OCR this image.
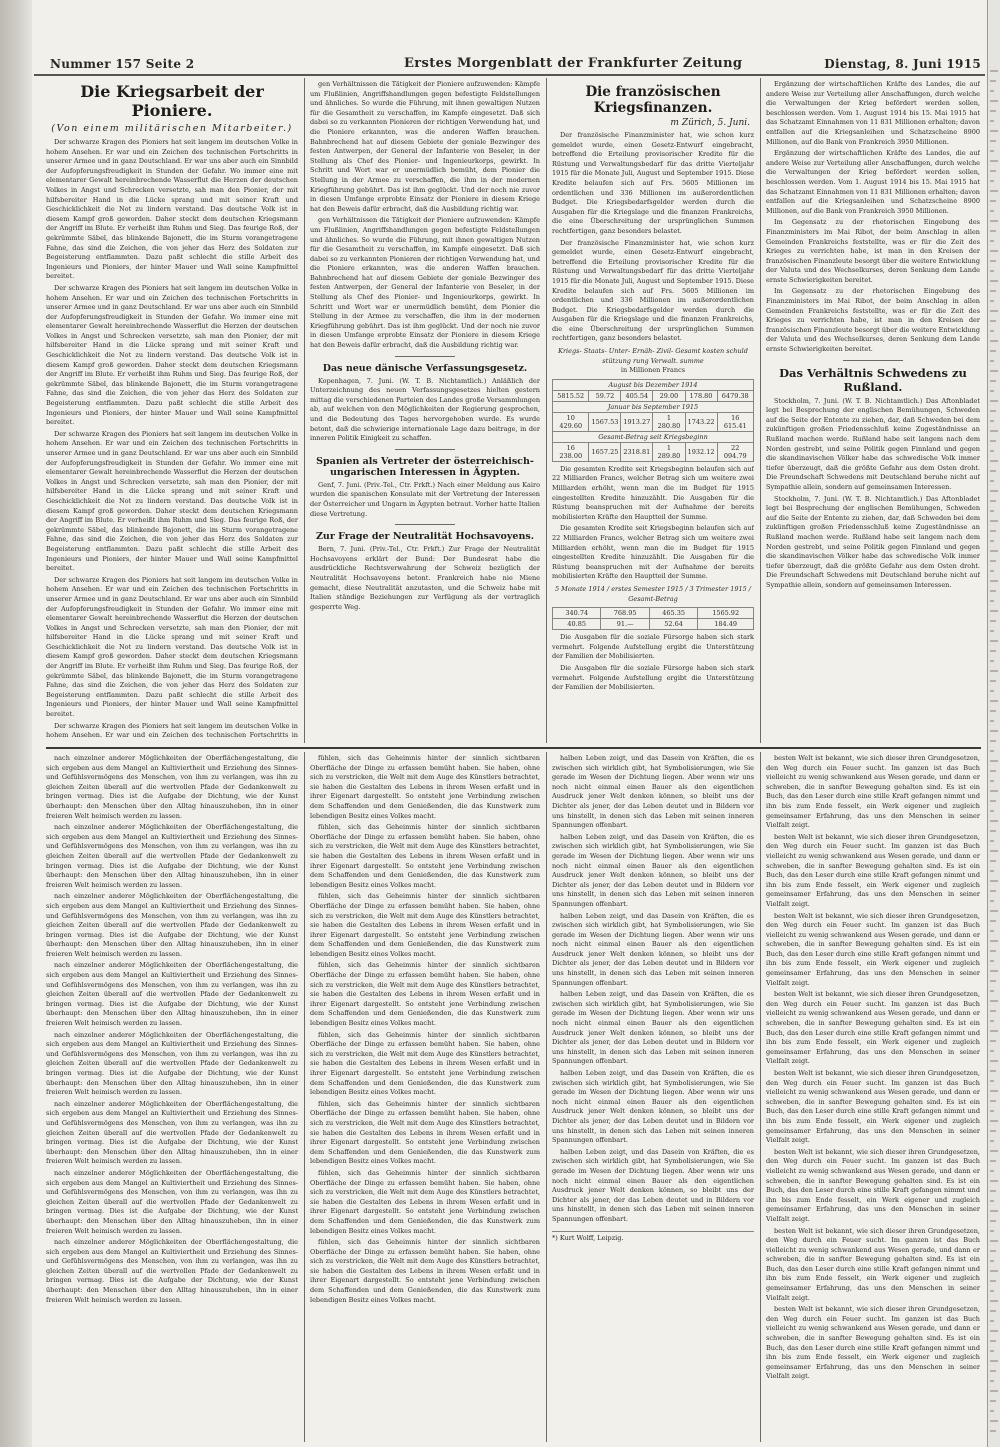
Nummer 157 Seite 2	Erstes Morgenblatt der Frankfurter Zeitung	Dienstag, 8. Juni 1915
Die Kriegsarbeit der Pioniere.
(Von einem militärischen Mitarbeiter.)

Der schwarze Kragen des Pioniers hat seit langem im deutschen Volke in hohem Ansehen. Er war und ein Zeichen des technischen Fortschritts in unserer Armee und in ganz Deutschland. Er war uns aber auch ein Sinnbild der Aufopferungsfreudigkeit in Stunden der Gefahr. Wo immer eine mit elementarer Gewalt hereinbrechende Wasserflut die Herzen der deutschen Volkes in Angst und Schrecken versetzte, sah man den Pionier, der mit hilfsbereiter Hand in die Lücke sprang und mit seiner Kraft und Geschicklichkeit die Not zu lindern verstand. Das deutsche Volk ist in diesem Kampf groß geworden. Daher steckt dem deutschen Kriegsmann der Angriff im Blute. Er verheißt ihm Ruhm und Sieg. Das feurige Roß, der gekrümmte Säbel, das blinkende Bajonett, die im Sturm vorangetragene Fahne, das sind die Zeichen, die von jeher das Herz des Soldaten zur Begeisterung entflammten. Dazu paßt schlecht die stille Arbeit des Ingenieurs und Pioniers, der hinter Mauer und Wall seine Kampfmittel bereitet.

Der schwarze Kragen des Pioniers hat seit langem im deutschen Volke in hohem Ansehen. Er war und ein Zeichen des technischen Fortschritts in unserer Armee und in ganz Deutschland. Er war uns aber auch ein Sinnbild der Aufopferungsfreudigkeit in Stunden der Gefahr. Wo immer eine mit elementarer Gewalt hereinbrechende Wasserflut die Herzen der deutschen Volkes in Angst und Schrecken versetzte, sah man den Pionier, der mit hilfsbereiter Hand in die Lücke sprang und mit seiner Kraft und Geschicklichkeit die Not zu lindern verstand. Das deutsche Volk ist in diesem Kampf groß geworden. Daher steckt dem deutschen Kriegsmann der Angriff im Blute. Er verheißt ihm Ruhm und Sieg. Das feurige Roß, der gekrümmte Säbel, das blinkende Bajonett, die im Sturm vorangetragene Fahne, das sind die Zeichen, die von jeher das Herz des Soldaten zur Begeisterung entflammten. Dazu paßt schlecht die stille Arbeit des Ingenieurs und Pioniers, der hinter Mauer und Wall seine Kampfmittel bereitet.

Der schwarze Kragen des Pioniers hat seit langem im deutschen Volke in hohem Ansehen. Er war und ein Zeichen des technischen Fortschritts in unserer Armee und in ganz Deutschland. Er war uns aber auch ein Sinnbild der Aufopferungsfreudigkeit in Stunden der Gefahr. Wo immer eine mit elementarer Gewalt hereinbrechende Wasserflut die Herzen der deutschen Volkes in Angst und Schrecken versetzte, sah man den Pionier, der mit hilfsbereiter Hand in die Lücke sprang und mit seiner Kraft und Geschicklichkeit die Not zu lindern verstand. Das deutsche Volk ist in diesem Kampf groß geworden. Daher steckt dem deutschen Kriegsmann der Angriff im Blute. Er verheißt ihm Ruhm und Sieg. Das feurige Roß, der gekrümmte Säbel, das blinkende Bajonett, die im Sturm vorangetragene Fahne, das sind die Zeichen, die von jeher das Herz des Soldaten zur Begeisterung entflammten. Dazu paßt schlecht die stille Arbeit des Ingenieurs und Pioniers, der hinter Mauer und Wall seine Kampfmittel bereitet.

Der schwarze Kragen des Pioniers hat seit langem im deutschen Volke in hohem Ansehen. Er war und ein Zeichen des technischen Fortschritts in unserer Armee und in ganz Deutschland. Er war uns aber auch ein Sinnbild der Aufopferungsfreudigkeit in Stunden der Gefahr. Wo immer eine mit elementarer Gewalt hereinbrechende Wasserflut die Herzen der deutschen Volkes in Angst und Schrecken versetzte, sah man den Pionier, der mit hilfsbereiter Hand in die Lücke sprang und mit seiner Kraft und Geschicklichkeit die Not zu lindern verstand. Das deutsche Volk ist in diesem Kampf groß geworden. Daher steckt dem deutschen Kriegsmann der Angriff im Blute. Er verheißt ihm Ruhm und Sieg. Das feurige Roß, der gekrümmte Säbel, das blinkende Bajonett, die im Sturm vorangetragene Fahne, das sind die Zeichen, die von jeher das Herz des Soldaten zur Begeisterung entflammten. Dazu paßt schlecht die stille Arbeit des Ingenieurs und Pioniers, der hinter Mauer und Wall seine Kampfmittel bereitet.

Der schwarze Kragen des Pioniers hat seit langem im deutschen Volke in hohem Ansehen. Er war und ein Zeichen des technischen Fortschritts in

gen Verhältnissen die Tätigkeit der Pioniere aufzuwenden: Kämpfe um Flußlinien, Angriffshandlungen gegen befestigte Feldstellungen und ähnliches. So wurde die Führung, mit ihnen gewaltigen Nutzen für die Gesamtheit zu verschaffen, im Kampfe eingesetzt. Daß sich dabei so zu verkannten Pionieren der richtigen Verwendung hat, und die Pioniere erkannten, was die anderen Waffen brauchen. Bahnbrechend hat auf diesem Gebiete der geniale Bezwinger des festen Antwerpen, der General der Infanterie von Beseler, in der Stellung als Chef des Pionier- und Ingenieurkorps, gewirkt. In Schritt und Wort war er unermüdlich bemüht, dem Pionier die Stellung in der Armee zu verschaffen, die ihm in der modernen Kriegführung gebührt. Das ist ihm geglückt. Und der noch nie zuvor in diesen Umfange erprobte Einsatz der Pioniere in diesem Kriege hat den Beweis dafür erbracht, daß die Ausbildung richtig war.

gen Verhältnissen die Tätigkeit der Pioniere aufzuwenden: Kämpfe um Flußlinien, Angriffshandlungen gegen befestigte Feldstellungen und ähnliches. So wurde die Führung, mit ihnen gewaltigen Nutzen für die Gesamtheit zu verschaffen, im Kampfe eingesetzt. Daß sich dabei so zu verkannten Pionieren der richtigen Verwendung hat, und die Pioniere erkannten, was die anderen Waffen brauchen. Bahnbrechend hat auf diesem Gebiete der geniale Bezwinger des festen Antwerpen, der General der Infanterie von Beseler, in der Stellung als Chef des Pionier- und Ingenieurkorps, gewirkt. In Schritt und Wort war er unermüdlich bemüht, dem Pionier die Stellung in der Armee zu verschaffen, die ihm in der modernen Kriegführung gebührt. Das ist ihm geglückt. Und der noch nie zuvor in diesen Umfange erprobte Einsatz der Pioniere in diesem Kriege hat den Beweis dafür erbracht, daß die Ausbildung richtig war.

Das neue dänische Verfassungsgesetz.

Kopenhagen, 7. Juni. (W. T. B. Nichtamtlich.) Anläßlich der Unterzeichnung des neuen Verfassungsgesetzes hielten gestern mittag die verschiedenen Parteien des Landes große Versammlungen ab, auf welchen von den Möglichkeiten der Regierung gesprochen, und die Bedeutung des Tages hervorgehoben wurde. Es wurde betont, daß die schwierige internationale Lage dazu beitrage, in der inneren Politik Einigkeit zu schaffen.

Spanien als Vertreter der österreichisch-ungarischen Interessen in Ägypten.

Genf, 7. Juni. (Priv.-Tel., Ctr. Frkft.) Nach einer Meldung aus Kairo wurden die spanischen Konsulate mit der Vertretung der Interessen der Österreicher und Ungarn in Ägypten betraut. Vorher hatte Italien diese Vertretung.

Zur Frage der Neutralität Hochsavoyens.

Bern, 7. Juni. (Priv.-Tel., Ctr. Frkft.) Zur Frage der Neutralität Hochsavoyens erklärt der Bund: Der Bundesrat habe die ausdrückliche Rechtsverwahrung der Schweiz bezüglich der Neutralität Hochsavoyens betont. Frankreich habe nie Miene gemacht, diese Neutralität anzutasten, und die Schweiz habe mit Italien ständige Beziehungen zur Verfügung als der vertraglich gesperrte Weg.

Die französischen Kriegsfinanzen.
m Zürich, 5. Juni.

Der französische Finanzminister hat, wie schon kurz gemeldet wurde, einen Gesetz-Entwurf eingebracht, betreffend die Erteilung provisorischer Kredite für die Rüstung und Verwaltungsbedarf für das dritte Vierteljahr 1915 für die Monate Juli, August und September 1915. Diese Kredite belaufen sich auf Frs. 5605 Millionen im ordentlichen und 336 Millionen im außerordentlichen Budget. Die Kriegsbedarfsgelder werden durch die Ausgaben für die Kriegslage und die finanzen Frankreichs, die eine Überschreitung der ursprünglichen Summen rechtfertigen, ganz besonders belastet.

Der französische Finanzminister hat, wie schon kurz gemeldet wurde, einen Gesetz-Entwurf eingebracht, betreffend die Erteilung provisorischer Kredite für die Rüstung und Verwaltungsbedarf für das dritte Vierteljahr 1915 für die Monate Juli, August und September 1915. Diese Kredite belaufen sich auf Frs. 5605 Millionen im ordentlichen und 336 Millionen im außerordentlichen Budget. Die Kriegsbedarfsgelder werden durch die Ausgaben für die Kriegslage und die finanzen Frankreichs, die eine Überschreitung der ursprünglichen Summen rechtfertigen, ganz besonders belastet.

Kriegs- Staats- Unter- Ernäh- Zivil- Gesamt kosten schuld stützung rung Verwalt. summe
in Millionen Francs
August bis Dezember 1914					
5815.52	59.72	405.54	29.00	178.80	6479.38
Januar bis September 1915					
10 429.60	1567.53	1913.27	1 280.80	1743.22	16 615.41
Gesamt-Betrag seit Kriegsbeginn					
16 238.00	1657.25	2318.81	1 289.80	1932.12	22 094.79

Die gesamten Kredite seit Kriegsbeginn belaufen sich auf 22 Milliarden Francs, welcher Betrag sich um weitere zwei Milliarden erhöht, wenn man die im Budget für 1915 eingestellten Kredite hinzuzählt. Die Ausgaben für die Rüstung beanspruchen mit der Aufnahme der bereits mobilisierten Kräfte den Hauptteil der Summe.

Die gesamten Kredite seit Kriegsbeginn belaufen sich auf 22 Milliarden Francs, welcher Betrag sich um weitere zwei Milliarden erhöht, wenn man die im Budget für 1915 eingestellten Kredite hinzuzählt. Die Ausgaben für die Rüstung beanspruchen mit der Aufnahme der bereits mobilisierten Kräfte den Hauptteil der Summe.

5 Monate 1914 / erstes Semester 1915 / 3 Trimester 1915 / Gesamt-Betrag
340.74	768.95	465.35	1565.92
40.85	91.—	52.64	184.49

Die Ausgaben für die soziale Fürsorge haben sich stark vermehrt. Folgende Aufstellung ergibt die Unterstützung der Familien der Mobilisierten.

Die Ausgaben für die soziale Fürsorge haben sich stark vermehrt. Folgende Aufstellung ergibt die Unterstützung der Familien der Mobilisierten.

Ergänzung der wirtschaftlichen Kräfte des Landes, die auf andere Weise zur Verteilung aller Anschaffungen, durch welche die Verwaltungen der Krieg befördert werden sollen, beschlossen werden. Vom 1. August 1914 bis 15. Mai 1915 hat das Schatzamt Einnahmen von 11 831 Millionen erhalten; davon entfallen auf die Kriegsanleihen und Schatzscheine 8900 Millionen, auf die Bank von Frankreich 3950 Millionen.

Ergänzung der wirtschaftlichen Kräfte des Landes, die auf andere Weise zur Verteilung aller Anschaffungen, durch welche die Verwaltungen der Krieg befördert werden sollen, beschlossen werden. Vom 1. August 1914 bis 15. Mai 1915 hat das Schatzamt Einnahmen von 11 831 Millionen erhalten; davon entfallen auf die Kriegsanleihen und Schatzscheine 8900 Millionen, auf die Bank von Frankreich 3950 Millionen.

Im Gegensatz zu der rhetorischen Eingebung des Finanzministers im Mai Ribot, der beim Anschlag in allen Gemeinden Frankreichs feststellte, was er für die Zeit des Krieges zu verrichten habe, ist man in den Kreisen der französischen Finanzleute besorgt über die weitere Entwicklung der Valuta und des Wechselkurses, deren Senkung dem Lande ernste Schwierigkeiten bereitet.

Im Gegensatz zu der rhetorischen Eingebung des Finanzministers im Mai Ribot, der beim Anschlag in allen Gemeinden Frankreichs feststellte, was er für die Zeit des Krieges zu verrichten habe, ist man in den Kreisen der französischen Finanzleute besorgt über die weitere Entwicklung der Valuta und des Wechselkurses, deren Senkung dem Lande ernste Schwierigkeiten bereitet.

Das Verhältnis Schwedens zu Rußland.

Stockholm, 7. Juni. (W. T. B. Nichtamtlich.) Das Aftonbladet legt bei Besprechung der englischen Bemühungen, Schweden auf die Seite der Entente zu ziehen, dar, daß Schweden bei dem zukünftigen großen Friedensschluß keine Zugeständnisse an Rußland machen werde. Rußland habe seit langem nach dem Norden gestrebt, und seine Politik gegen Finnland und gegen die skandinavischen Völker habe das schwedische Volk immer tiefer überzeugt, daß die größte Gefahr aus dem Osten droht. Die Freundschaft Schwedens mit Deutschland beruhe nicht auf Sympathie allein, sondern auf gemeinsamen Interessen.

Stockholm, 7. Juni. (W. T. B. Nichtamtlich.) Das Aftonbladet legt bei Besprechung der englischen Bemühungen, Schweden auf die Seite der Entente zu ziehen, dar, daß Schweden bei dem zukünftigen großen Friedensschluß keine Zugeständnisse an Rußland machen werde. Rußland habe seit langem nach dem Norden gestrebt, und seine Politik gegen Finnland und gegen die skandinavischen Völker habe das schwedische Volk immer tiefer überzeugt, daß die größte Gefahr aus dem Osten droht. Die Freundschaft Schwedens mit Deutschland beruhe nicht auf Sympathie allein, sondern auf gemeinsamen Interessen.

nach einzelner anderer Möglichkeiten der Oberflächengestaltung, die sich ergeben aus dem Mangel an Kultiviertheit und Erziehung des Sinnes- und Gefühlsvermögens des Menschen, von ihm zu verlangen, was ihn zu gleichen Zeiten überall auf die wertvollen Pfade der Gedankenwelt zu bringen vermag. Dies ist die Aufgabe der Dichtung, wie der Kunst überhaupt: den Menschen über den Alltag hinauszuheben, ihn in einer freieren Welt heimisch werden zu lassen.

nach einzelner anderer Möglichkeiten der Oberflächengestaltung, die sich ergeben aus dem Mangel an Kultiviertheit und Erziehung des Sinnes- und Gefühlsvermögens des Menschen, von ihm zu verlangen, was ihn zu gleichen Zeiten überall auf die wertvollen Pfade der Gedankenwelt zu bringen vermag. Dies ist die Aufgabe der Dichtung, wie der Kunst überhaupt: den Menschen über den Alltag hinauszuheben, ihn in einer freieren Welt heimisch werden zu lassen.

nach einzelner anderer Möglichkeiten der Oberflächengestaltung, die sich ergeben aus dem Mangel an Kultiviertheit und Erziehung des Sinnes- und Gefühlsvermögens des Menschen, von ihm zu verlangen, was ihn zu gleichen Zeiten überall auf die wertvollen Pfade der Gedankenwelt zu bringen vermag. Dies ist die Aufgabe der Dichtung, wie der Kunst überhaupt: den Menschen über den Alltag hinauszuheben, ihn in einer freieren Welt heimisch werden zu lassen.

nach einzelner anderer Möglichkeiten der Oberflächengestaltung, die sich ergeben aus dem Mangel an Kultiviertheit und Erziehung des Sinnes- und Gefühlsvermögens des Menschen, von ihm zu verlangen, was ihn zu gleichen Zeiten überall auf die wertvollen Pfade der Gedankenwelt zu bringen vermag. Dies ist die Aufgabe der Dichtung, wie der Kunst überhaupt: den Menschen über den Alltag hinauszuheben, ihn in einer freieren Welt heimisch werden zu lassen.

nach einzelner anderer Möglichkeiten der Oberflächengestaltung, die sich ergeben aus dem Mangel an Kultiviertheit und Erziehung des Sinnes- und Gefühlsvermögens des Menschen, von ihm zu verlangen, was ihn zu gleichen Zeiten überall auf die wertvollen Pfade der Gedankenwelt zu bringen vermag. Dies ist die Aufgabe der Dichtung, wie der Kunst überhaupt: den Menschen über den Alltag hinauszuheben, ihn in einer freieren Welt heimisch werden zu lassen.

nach einzelner anderer Möglichkeiten der Oberflächengestaltung, die sich ergeben aus dem Mangel an Kultiviertheit und Erziehung des Sinnes- und Gefühlsvermögens des Menschen, von ihm zu verlangen, was ihn zu gleichen Zeiten überall auf die wertvollen Pfade der Gedankenwelt zu bringen vermag. Dies ist die Aufgabe der Dichtung, wie der Kunst überhaupt: den Menschen über den Alltag hinauszuheben, ihn in einer freieren Welt heimisch werden zu lassen.

nach einzelner anderer Möglichkeiten der Oberflächengestaltung, die sich ergeben aus dem Mangel an Kultiviertheit und Erziehung des Sinnes- und Gefühlsvermögens des Menschen, von ihm zu verlangen, was ihn zu gleichen Zeiten überall auf die wertvollen Pfade der Gedankenwelt zu bringen vermag. Dies ist die Aufgabe der Dichtung, wie der Kunst überhaupt: den Menschen über den Alltag hinauszuheben, ihn in einer freieren Welt heimisch werden zu lassen.

nach einzelner anderer Möglichkeiten der Oberflächengestaltung, die sich ergeben aus dem Mangel an Kultiviertheit und Erziehung des Sinnes- und Gefühlsvermögens des Menschen, von ihm zu verlangen, was ihn zu gleichen Zeiten überall auf die wertvollen Pfade der Gedankenwelt zu bringen vermag. Dies ist die Aufgabe der Dichtung, wie der Kunst überhaupt: den Menschen über den Alltag hinauszuheben, ihn in einer freieren Welt heimisch werden zu lassen.

fühlen, sich das Geheimnis hinter der sinnlich sichtbaren Oberfläche der Dinge zu erfassen bemüht haben. Sie haben, ohne sich zu verstricken, die Welt mit dem Auge des Künstlers betrachtet, sie haben die Gestalten des Lebens in ihrem Wesen erfaßt und in ihrer Eigenart dargestellt. So entsteht jene Verbindung zwischen dem Schaffenden und dem Genießenden, die das Kunstwerk zum lebendigen Besitz eines Volkes macht.

fühlen, sich das Geheimnis hinter der sinnlich sichtbaren Oberfläche der Dinge zu erfassen bemüht haben. Sie haben, ohne sich zu verstricken, die Welt mit dem Auge des Künstlers betrachtet, sie haben die Gestalten des Lebens in ihrem Wesen erfaßt und in ihrer Eigenart dargestellt. So entsteht jene Verbindung zwischen dem Schaffenden und dem Genießenden, die das Kunstwerk zum lebendigen Besitz eines Volkes macht.

fühlen, sich das Geheimnis hinter der sinnlich sichtbaren Oberfläche der Dinge zu erfassen bemüht haben. Sie haben, ohne sich zu verstricken, die Welt mit dem Auge des Künstlers betrachtet, sie haben die Gestalten des Lebens in ihrem Wesen erfaßt und in ihrer Eigenart dargestellt. So entsteht jene Verbindung zwischen dem Schaffenden und dem Genießenden, die das Kunstwerk zum lebendigen Besitz eines Volkes macht.

fühlen, sich das Geheimnis hinter der sinnlich sichtbaren Oberfläche der Dinge zu erfassen bemüht haben. Sie haben, ohne sich zu verstricken, die Welt mit dem Auge des Künstlers betrachtet, sie haben die Gestalten des Lebens in ihrem Wesen erfaßt und in ihrer Eigenart dargestellt. So entsteht jene Verbindung zwischen dem Schaffenden und dem Genießenden, die das Kunstwerk zum lebendigen Besitz eines Volkes macht.

fühlen, sich das Geheimnis hinter der sinnlich sichtbaren Oberfläche der Dinge zu erfassen bemüht haben. Sie haben, ohne sich zu verstricken, die Welt mit dem Auge des Künstlers betrachtet, sie haben die Gestalten des Lebens in ihrem Wesen erfaßt und in ihrer Eigenart dargestellt. So entsteht jene Verbindung zwischen dem Schaffenden und dem Genießenden, die das Kunstwerk zum lebendigen Besitz eines Volkes macht.

fühlen, sich das Geheimnis hinter der sinnlich sichtbaren Oberfläche der Dinge zu erfassen bemüht haben. Sie haben, ohne sich zu verstricken, die Welt mit dem Auge des Künstlers betrachtet, sie haben die Gestalten des Lebens in ihrem Wesen erfaßt und in ihrer Eigenart dargestellt. So entsteht jene Verbindung zwischen dem Schaffenden und dem Genießenden, die das Kunstwerk zum lebendigen Besitz eines Volkes macht.

fühlen, sich das Geheimnis hinter der sinnlich sichtbaren Oberfläche der Dinge zu erfassen bemüht haben. Sie haben, ohne sich zu verstricken, die Welt mit dem Auge des Künstlers betrachtet, sie haben die Gestalten des Lebens in ihrem Wesen erfaßt und in ihrer Eigenart dargestellt. So entsteht jene Verbindung zwischen dem Schaffenden und dem Genießenden, die das Kunstwerk zum lebendigen Besitz eines Volkes macht.

fühlen, sich das Geheimnis hinter der sinnlich sichtbaren Oberfläche der Dinge zu erfassen bemüht haben. Sie haben, ohne sich zu verstricken, die Welt mit dem Auge des Künstlers betrachtet, sie haben die Gestalten des Lebens in ihrem Wesen erfaßt und in ihrer Eigenart dargestellt. So entsteht jene Verbindung zwischen dem Schaffenden und dem Genießenden, die das Kunstwerk zum lebendigen Besitz eines Volkes macht.

halben Leben zeigt, und das Dasein von Kräften, die es zwischen sich wirklich gibt, hat Symbolisierungen, wie Sie gerade im Wesen der Dichtung liegen. Aber wenn wir uns noch nicht einmal einen Bauer als den eigentlichen Ausdruck jener Welt denken können, so bleibt uns der Dichter als jener, der das Leben deutet und in Bildern vor uns hinstellt, in denen sich das Leben mit seinen inneren Spannungen offenbart.

halben Leben zeigt, und das Dasein von Kräften, die es zwischen sich wirklich gibt, hat Symbolisierungen, wie Sie gerade im Wesen der Dichtung liegen. Aber wenn wir uns noch nicht einmal einen Bauer als den eigentlichen Ausdruck jener Welt denken können, so bleibt uns der Dichter als jener, der das Leben deutet und in Bildern vor uns hinstellt, in denen sich das Leben mit seinen inneren Spannungen offenbart.

halben Leben zeigt, und das Dasein von Kräften, die es zwischen sich wirklich gibt, hat Symbolisierungen, wie Sie gerade im Wesen der Dichtung liegen. Aber wenn wir uns noch nicht einmal einen Bauer als den eigentlichen Ausdruck jener Welt denken können, so bleibt uns der Dichter als jener, der das Leben deutet und in Bildern vor uns hinstellt, in denen sich das Leben mit seinen inneren Spannungen offenbart.

halben Leben zeigt, und das Dasein von Kräften, die es zwischen sich wirklich gibt, hat Symbolisierungen, wie Sie gerade im Wesen der Dichtung liegen. Aber wenn wir uns noch nicht einmal einen Bauer als den eigentlichen Ausdruck jener Welt denken können, so bleibt uns der Dichter als jener, der das Leben deutet und in Bildern vor uns hinstellt, in denen sich das Leben mit seinen inneren Spannungen offenbart.

halben Leben zeigt, und das Dasein von Kräften, die es zwischen sich wirklich gibt, hat Symbolisierungen, wie Sie gerade im Wesen der Dichtung liegen. Aber wenn wir uns noch nicht einmal einen Bauer als den eigentlichen Ausdruck jener Welt denken können, so bleibt uns der Dichter als jener, der das Leben deutet und in Bildern vor uns hinstellt, in denen sich das Leben mit seinen inneren Spannungen offenbart.

halben Leben zeigt, und das Dasein von Kräften, die es zwischen sich wirklich gibt, hat Symbolisierungen, wie Sie gerade im Wesen der Dichtung liegen. Aber wenn wir uns noch nicht einmal einen Bauer als den eigentlichen Ausdruck jener Welt denken können, so bleibt uns der Dichter als jener, der das Leben deutet und in Bildern vor uns hinstellt, in denen sich das Leben mit seinen inneren Spannungen offenbart.

*) Kurt Wolff, Leipzig.

besten Welt ist bekannt, wie sich dieser ihren Grundgesetzen, den Weg durch ein Feuer sucht. Im ganzen ist das Buch vielleicht zu wenig schwankend aus Wesen gerade, und dann er schweben, die in sanfter Bewegung gehalten sind. Es ist ein Buch, das den Leser durch eine stille Kraft gefangen nimmt und ihn bis zum Ende fesselt, ein Werk eigener und zugleich gemeinsamer Erfahrung, das uns den Menschen in seiner Vielfalt zeigt.

besten Welt ist bekannt, wie sich dieser ihren Grundgesetzen, den Weg durch ein Feuer sucht. Im ganzen ist das Buch vielleicht zu wenig schwankend aus Wesen gerade, und dann er schweben, die in sanfter Bewegung gehalten sind. Es ist ein Buch, das den Leser durch eine stille Kraft gefangen nimmt und ihn bis zum Ende fesselt, ein Werk eigener und zugleich gemeinsamer Erfahrung, das uns den Menschen in seiner Vielfalt zeigt.

besten Welt ist bekannt, wie sich dieser ihren Grundgesetzen, den Weg durch ein Feuer sucht. Im ganzen ist das Buch vielleicht zu wenig schwankend aus Wesen gerade, und dann er schweben, die in sanfter Bewegung gehalten sind. Es ist ein Buch, das den Leser durch eine stille Kraft gefangen nimmt und ihn bis zum Ende fesselt, ein Werk eigener und zugleich gemeinsamer Erfahrung, das uns den Menschen in seiner Vielfalt zeigt.

besten Welt ist bekannt, wie sich dieser ihren Grundgesetzen, den Weg durch ein Feuer sucht. Im ganzen ist das Buch vielleicht zu wenig schwankend aus Wesen gerade, und dann er schweben, die in sanfter Bewegung gehalten sind. Es ist ein Buch, das den Leser durch eine stille Kraft gefangen nimmt und ihn bis zum Ende fesselt, ein Werk eigener und zugleich gemeinsamer Erfahrung, das uns den Menschen in seiner Vielfalt zeigt.

besten Welt ist bekannt, wie sich dieser ihren Grundgesetzen, den Weg durch ein Feuer sucht. Im ganzen ist das Buch vielleicht zu wenig schwankend aus Wesen gerade, und dann er schweben, die in sanfter Bewegung gehalten sind. Es ist ein Buch, das den Leser durch eine stille Kraft gefangen nimmt und ihn bis zum Ende fesselt, ein Werk eigener und zugleich gemeinsamer Erfahrung, das uns den Menschen in seiner Vielfalt zeigt.

besten Welt ist bekannt, wie sich dieser ihren Grundgesetzen, den Weg durch ein Feuer sucht. Im ganzen ist das Buch vielleicht zu wenig schwankend aus Wesen gerade, und dann er schweben, die in sanfter Bewegung gehalten sind. Es ist ein Buch, das den Leser durch eine stille Kraft gefangen nimmt und ihn bis zum Ende fesselt, ein Werk eigener und zugleich gemeinsamer Erfahrung, das uns den Menschen in seiner Vielfalt zeigt.

besten Welt ist bekannt, wie sich dieser ihren Grundgesetzen, den Weg durch ein Feuer sucht. Im ganzen ist das Buch vielleicht zu wenig schwankend aus Wesen gerade, und dann er schweben, die in sanfter Bewegung gehalten sind. Es ist ein Buch, das den Leser durch eine stille Kraft gefangen nimmt und ihn bis zum Ende fesselt, ein Werk eigener und zugleich gemeinsamer Erfahrung, das uns den Menschen in seiner Vielfalt zeigt.

besten Welt ist bekannt, wie sich dieser ihren Grundgesetzen, den Weg durch ein Feuer sucht. Im ganzen ist das Buch vielleicht zu wenig schwankend aus Wesen gerade, und dann er schweben, die in sanfter Bewegung gehalten sind. Es ist ein Buch, das den Leser durch eine stille Kraft gefangen nimmt und ihn bis zum Ende fesselt, ein Werk eigener und zugleich gemeinsamer Erfahrung, das uns den Menschen in seiner Vielfalt zeigt.
